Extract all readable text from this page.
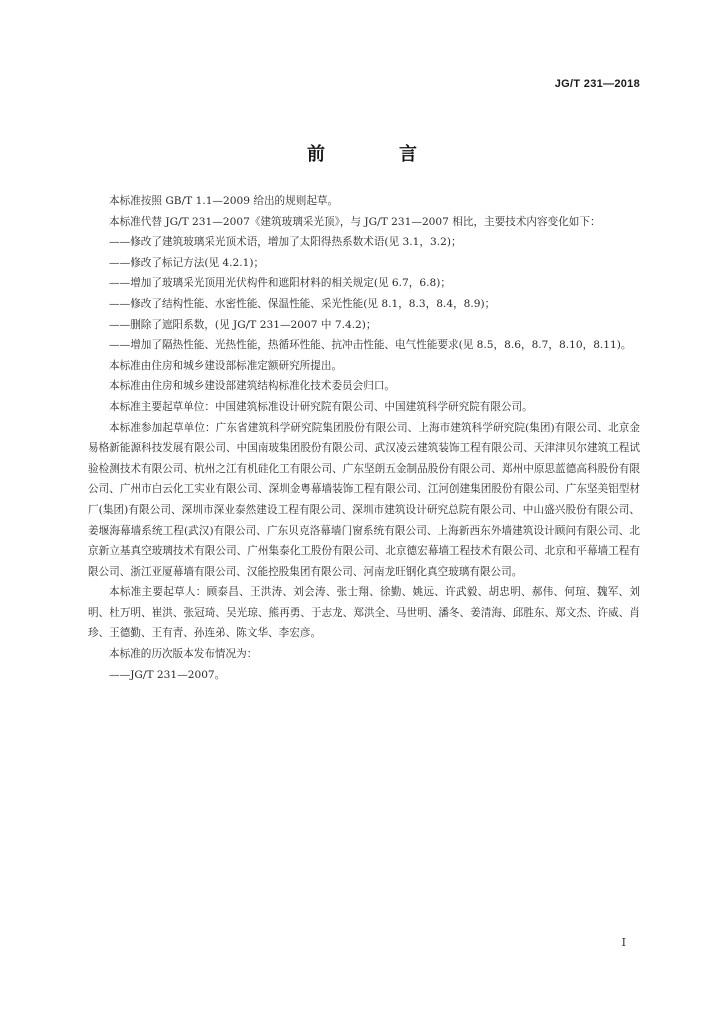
JG/T 231—2018
前　言

本标准按照 GB/T 1.1—2009 给出的规则起草。

本标准代替 JG/T 231—2007《建筑玻璃采光顶》，与 JG/T 231—2007 相比，主要技术内容变化如下：

——修改了建筑玻璃采光顶术语，增加了太阳得热系数术语(见 3.1，3.2)；

——修改了标记方法(见 4.2.1)；

——增加了玻璃采光顶用光伏构件和遮阳材料的相关规定(见 6.7，6.8)；

——修改了结构性能、水密性能、保温性能、采光性能(见 8.1，8.3，8.4，8.9)；

——删除了遮阳系数，(见 JG/T 231—2007 中 7.4.2)；

——增加了隔热性能、光热性能，热循环性能、抗冲击性能、电气性能要求(见 8.5，8.6，8.7，8.10，8.11)。

本标准由住房和城乡建设部标准定额研究所提出。

本标准由住房和城乡建设部建筑结构标准化技术委员会归口。

本标准主要起草单位：中国建筑标准设计研究院有限公司、中国建筑科学研究院有限公司。

本标准参加起草单位：广东省建筑科学研究院集团股份有限公司、上海市建筑科学研究院(集团)有限公司、北京金易格新能源科技发展有限公司、中国南玻集团股份有限公司、武汉凌云建筑装饰工程有限公司、天津津贝尔建筑工程试验检测技术有限公司、杭州之江有机硅化工有限公司、广东坚朗五金制品股份有限公司、郑州中原思蓝德高科股份有限公司、广州市白云化工实业有限公司、深圳金粤幕墙装饰工程有限公司、江河创建集团股份有限公司、广东坚美铝型材厂(集团)有限公司、深圳市深业泰然建设工程有限公司、深圳市建筑设计研究总院有限公司、中山盛兴股份有限公司、姜堰海幕墙系统工程(武汉)有限公司、广东贝克洛幕墙门窗系统有限公司、上海新西东外墙建筑设计顾问有限公司、北京新立基真空玻璃技术有限公司、广州集泰化工股份有限公司、北京德宏幕墙工程技术有限公司、北京和平幕墙工程有限公司、浙江亚厦幕墙有限公司、汉能控股集团有限公司、河南龙旺钢化真空玻璃有限公司。

本标准主要起草人：顾泰昌、王洪涛、刘会涛、张士翔、徐勤、姚远、许武毅、胡忠明、郝伟、何瑄、魏军、刘明、杜万明、崔洪、张冠琦、吴光琼、熊再勇、于志龙、郑洪全、马世明、潘冬、姜清海、邱胜东、郑文杰、许威、肖珍、王德勤、王有青、孙连弟、陈文华、李宏彦。

本标准的历次版本发布情况为：

——JG/T 231—2007。

I
